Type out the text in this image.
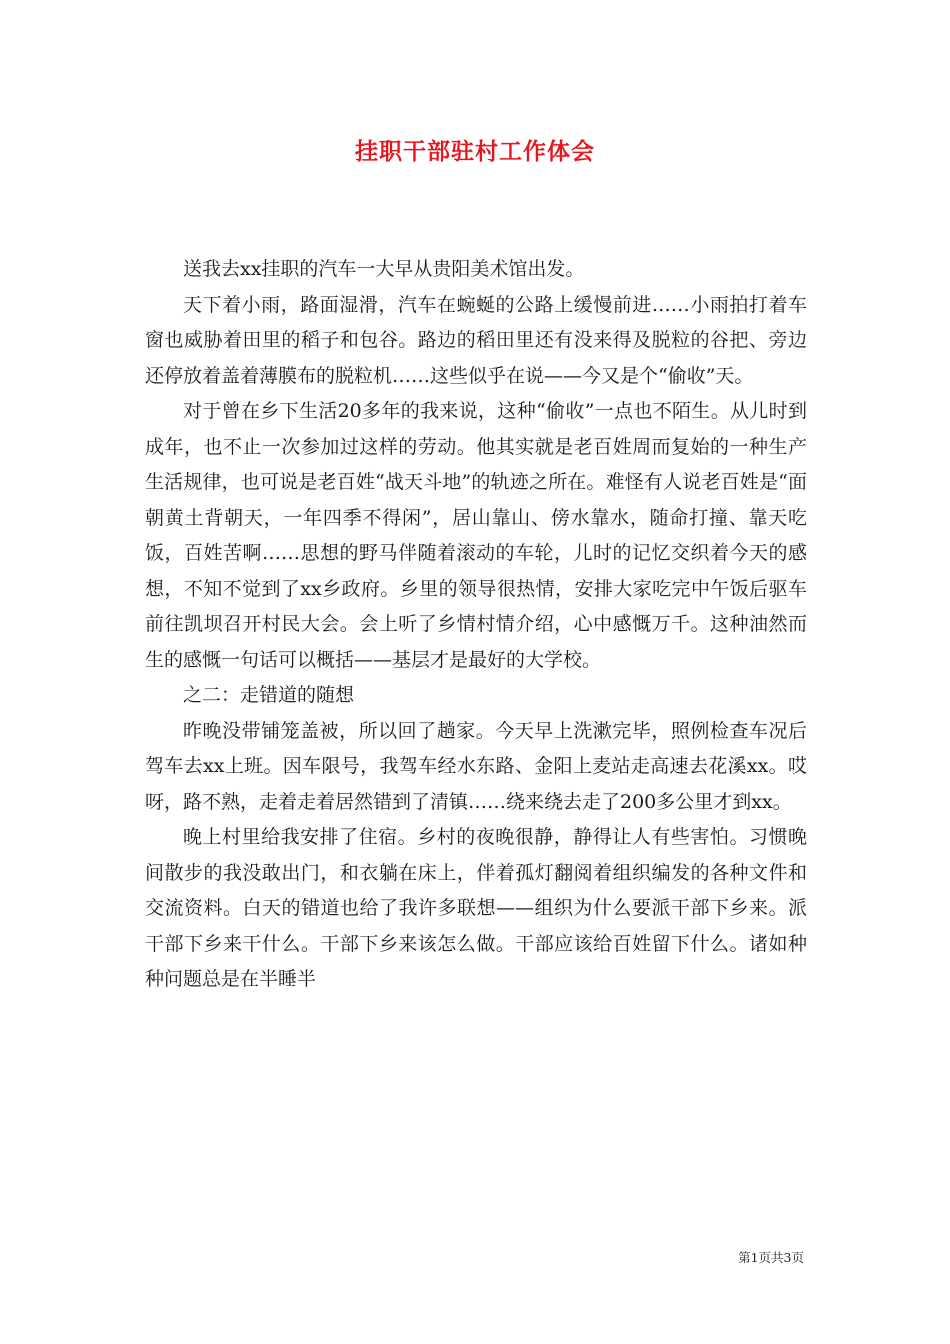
挂职干部驻村工作体会

送我去xx挂职的汽车一大早从贵阳美术馆出发。

天下着小雨，路面湿滑，汽车在蜿蜒的公路上缓慢前进……小雨拍打着车窗也威胁着田里的稻子和包谷。路边的稻田里还有没来得及脱粒的谷把、旁边还停放着盖着薄膜布的脱粒机……这些似乎在说——今又是个“偷收”天。

对于曾在乡下生活20多年的我来说，这种“偷收”一点也不陌生。从儿时到成年，也不止一次参加过这样的劳动。他其实就是老百姓周而复始的一种生产生活规律，也可说是老百姓“战天斗地”的轨迹之所在。难怪有人说老百姓是“面朝黄土背朝天，一年四季不得闲”，居山靠山、傍水靠水，随命打撞、靠天吃饭，百姓苦啊……思想的野马伴随着滚动的车轮，儿时的记忆交织着今天的感想，不知不觉到了xx乡政府。乡里的领导很热情，安排大家吃完中午饭后驱车前往凯坝召开村民大会。会上听了乡情村情介绍，心中感慨万千。这种油然而生的感慨一句话可以概括——基层才是最好的大学校。

之二：走错道的随想

昨晚没带铺笼盖被，所以回了趟家。今天早上洗漱完毕，照例检查车况后驾车去xx上班。因车限号，我驾车经水东路、金阳上麦站走高速去花溪xx。哎呀，路不熟，走着走着居然错到了清镇……绕来绕去走了200多公里才到xx。

晚上村里给我安排了住宿。乡村的夜晚很静，静得让人有些害怕。习惯晚间散步的我没敢出门，和衣躺在床上，伴着孤灯翻阅着组织编发的各种文件和交流资料。白天的错道也给了我许多联想——组织为什么要派干部下乡来。派干部下乡来干什么。干部下乡来该怎么做。干部应该给百姓留下什么。诸如种种问题总是在半睡半

第1页共3页
